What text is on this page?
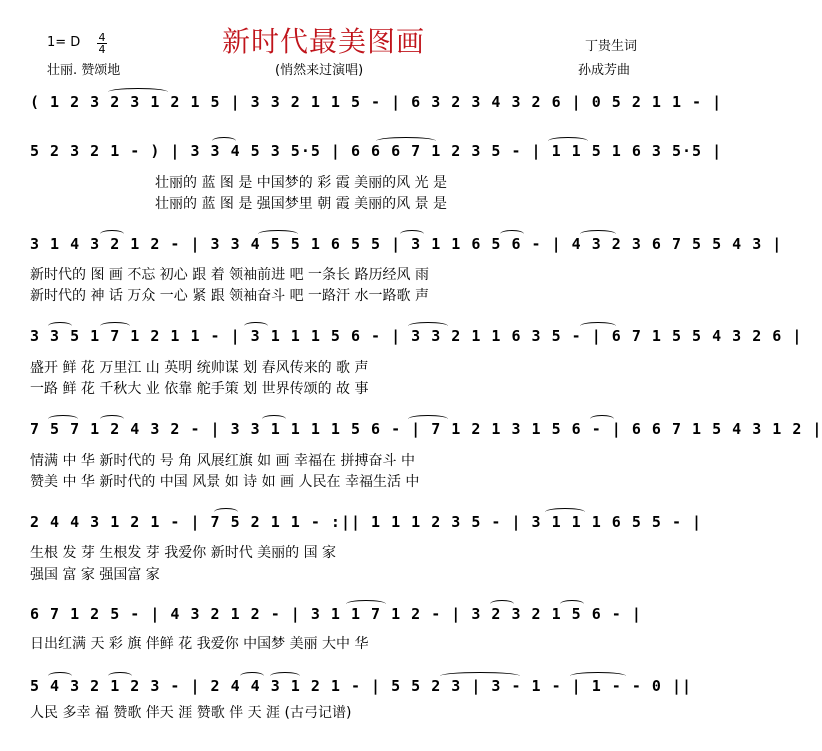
1= D $\frac{4}{4}$
壮丽. 赞颂地
新时代最美图画
(悄然来过演唱)
丁贵生词
孙成芳曲
( 1 2 3 2 3 1 2 1 5 | 3 3 2 1 1 5 - | 6 3 2 3 4 3 2 6 | 0 5 2 1 1 - |
5 2 3 2 1 - ) | 3 3 4 5 3 5·5 | 6 6 6 7 1 2 3 5 - | 1 1 5 1 6 3 5·5 |
壮丽的 蓝 图 是 中国梦的 彩 霞 美丽的风 光 是
壮丽的 蓝 图 是 强国梦里 朝 霞 美丽的风 景 是
3 1 4 3 2 1 2 - | 3 3 4 5 5 1 6 5 5 | 3 1 1 6 5 6 - | 4 3 2 3 6 7 5 5 4 3 |
新时代的 图 画 不忘 初心 跟 着 领袖前进 吧 一条长 路历经风 雨
新时代的 神 话 万众 一心 紧 跟 领袖奋斗 吧 一路汗 水一路歌 声
3 3 5 1 7 1 2 1 1 - | 3 1 1 1 5 6 - | 3 3 2 1 1 6 3 5 - | 6 7 1 5 5 4 3 2 6 |
盛开 鲜 花 万里江 山 英明 统帅谋 划 春风传来的 歌 声
一路 鲜 花 千秋大 业 依靠 舵手策 划 世界传颂的 故 事
7 5 7 1 2 4 3 2 - | 3 3 1 1 1 1 5 6 - | 7 1 2 1 3 1 5 6 - | 6 6 7 1 5 4 3 1 2 |
情满 中 华 新时代的 号 角 风展红旗 如 画 幸福在 拼搏奋斗 中
赞美 中 华 新时代的 中国 风景 如 诗 如 画 人民在 幸福生活 中
2 4 4 3 1 2 1 - | 7 5 2 1 1 - :|| 1 1 1 2 3 5 - | 3 1 1 1 6 5 5 - |
生根 发 芽 生根发 芽 我爱你 新时代 美丽的 国 家
强国 富 家 强国富 家
6 7 1 2 5 - | 4 3 2 1 2 - | 3 1 1 7 1 2 - | 3 2 3 2 1 5 6 - |
日出红满 天 彩 旗 伴鲜 花 我爱你 中国梦 美丽 大中 华
5 4 3 2 1 2 3 - | 2 4 4 3 1 2 1 - | 5 5 2 3 | 3 - 1 - | 1 - - 0 ||
人民 多幸 福 赞歌 伴天 涯 赞歌 伴 天 涯 (古弓记谱)
